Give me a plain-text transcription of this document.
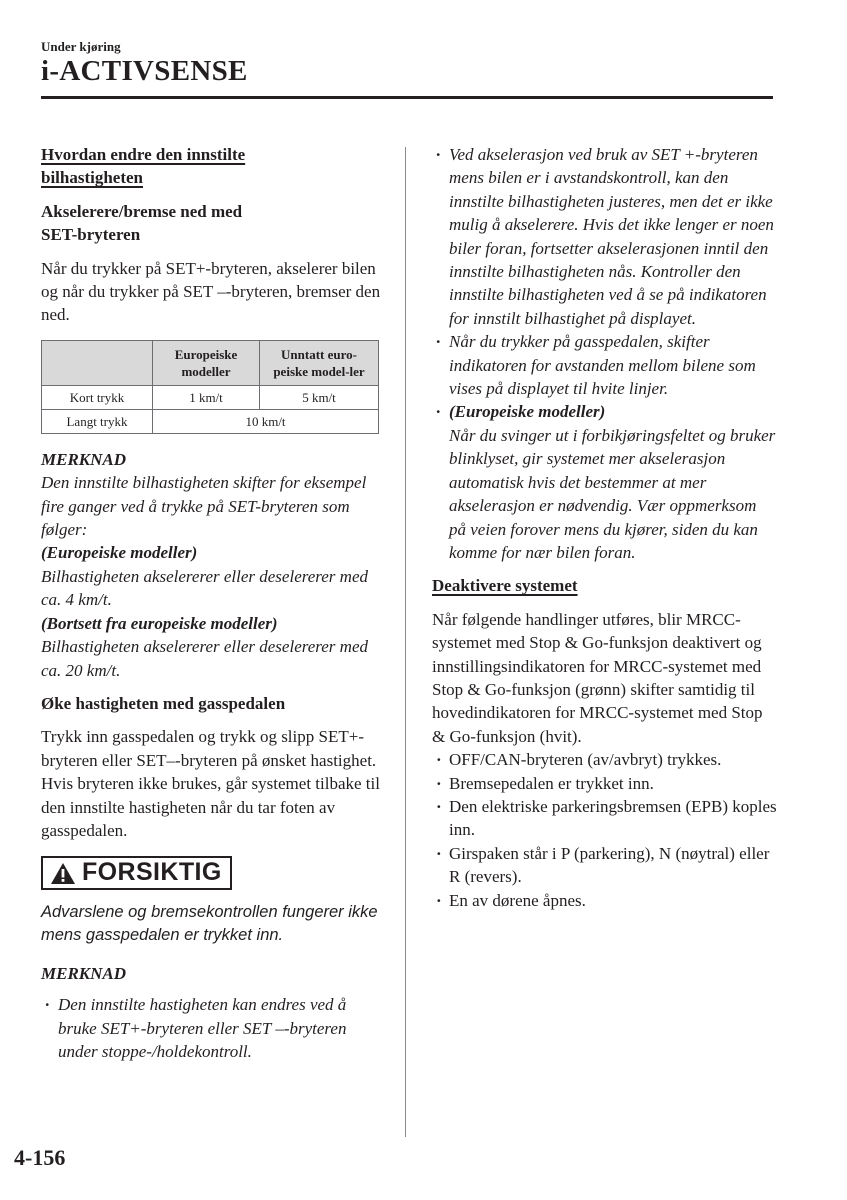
Under kjøring
i-ACTIVSENSE

Hvordan endre den innstilte
bilhastigheten

Akselerere/bremse ned med
SET-bryteren

Når du trykker på SET+-bryteren, akselerer bilen og når du trykker på SET –-bryteren, bremser den ned.

	Europeiske modeller	Unntatt euro-peiske model-ler
Kort trykk	1 km/t	5 km/t
Langt trykk	10 km/t	

MERKNAD

Den innstilte bilhastigheten skifter for eksempel fire ganger ved å trykke på SET-bryteren som følger:

(Europeiske modeller)

Bilhastigheten akselererer eller deselererer med ca. 4 km/t.

(Bortsett fra europeiske modeller)

Bilhastigheten akselererer eller deselererer med ca. 20 km/t.

Øke hastigheten med gasspedalen

Trykk inn gasspedalen og trykk og slipp SET+-bryteren eller SET–-bryteren på ønsket hastighet. Hvis bryteren ikke brukes, går systemet tilbake til den innstilte hastigheten når du tar foten av gasspedalen.

FORSIKTIG

Advarslene og bremsekontrollen fungerer ikke mens gasspedalen er trykket inn.

MERKNAD

· Den innstilte hastigheten kan endres ved å bruke SET+-bryteren eller SET –-bryteren under stoppe-/holdekontroll.
· Ved akselerasjon ved bruk av SET +-bryteren mens bilen er i avstandskontroll, kan den innstilte bilhastigheten justeres, men det er ikke mulig å akselerere. Hvis det ikke lenger er noen biler foran, fortsetter akselerasjonen inntil den innstilte bilhastigheten nås. Kontroller den innstilte bilhastigheten ved å se på indikatoren for innstilt bilhastighet på displayet.
· Når du trykker på gasspedalen, skifter indikatoren for avstanden mellom bilene som vises på displayet til hvite linjer.
· (Europeiske modeller)
Når du svinger ut i forbikjøringsfeltet og bruker blinklyset, gir systemet mer akselerasjon automatisk hvis det bestemmer at mer akselerasjon er nødvendig. Vær oppmerksom på veien forover mens du kjører, siden du kan komme for nær bilen foran.

Deaktivere systemet

Når følgende handlinger utføres, blir MRCC-systemet med Stop & Go-funksjon deaktivert og innstillingsindikatoren for MRCC-systemet med Stop & Go-funksjon (grønn) skifter samtidig til hovedindikatoren for MRCC-systemet med Stop & Go-funksjon (hvit).

· OFF/CAN-bryteren (av/avbryt) trykkes.
· Bremsepedalen er trykket inn.
· Den elektriske parkeringsbremsen (EPB) koples inn.
· Girspaken står i P (parkering), N (nøytral) eller R (revers).
· En av dørene åpnes.
4-156
